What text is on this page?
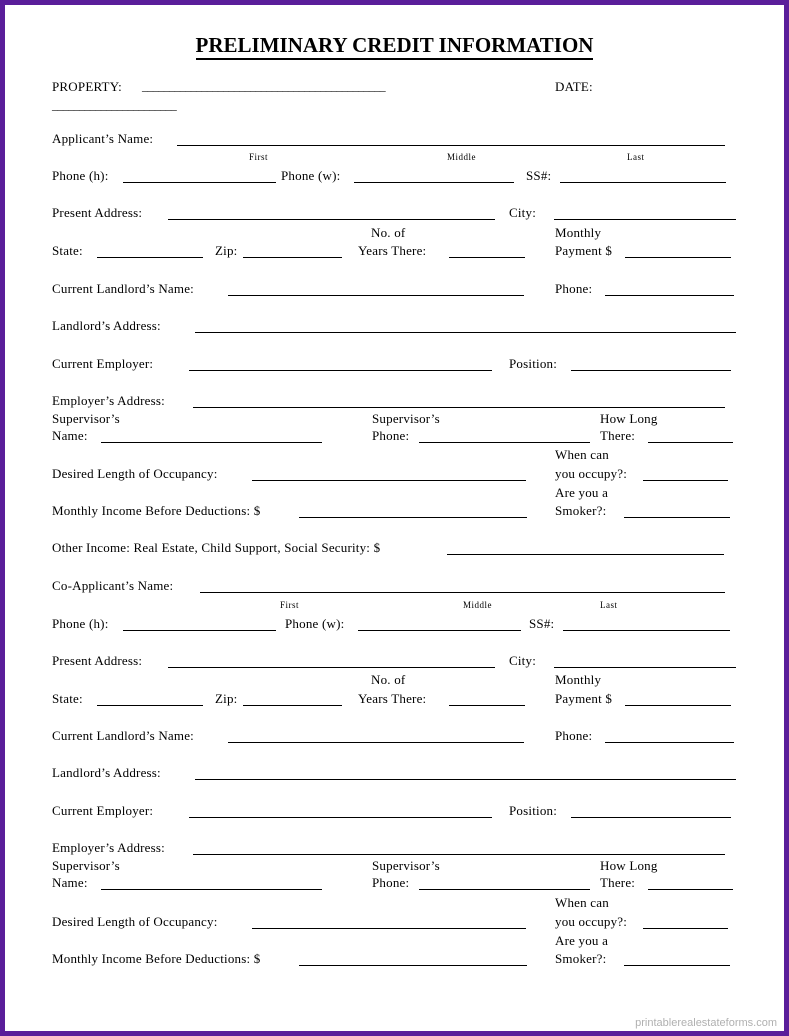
PRELIMINARY CREDIT INFORMATION
PROPERTY: _____________________________________________	DATE:
_______________________
Applicant’s Name:
First	Middle	Last
Phone (h):	Phone (w):	SS#:
Present Address:	City:
No. of	Monthly
State:	Zip:	Years There:	Payment $
Current Landlord’s Name:	Phone:
Landlord’s Address:
Current Employer:	Position:
Employer’s Address:
Supervisor’s	Supervisor’s	How Long
Name:	Phone:	There:
When can
Desired Length of Occupancy:	you occupy?:
Are you a
Monthly Income Before Deductions: $	Smoker?:
Other Income: Real Estate, Child Support, Social Security: $
Co-Applicant’s Name:
First	Middle	Last
Phone (h):	Phone (w):	SS#:
Present Address:	City:
No. of	Monthly
State:	Zip:	Years There:	Payment $
Current Landlord’s Name:	Phone:
Landlord’s Address:
Current Employer:	Position:
Employer’s Address:
Supervisor’s	Supervisor’s	How Long
Name:	Phone:	There:
When can
Desired Length of Occupancy:	you occupy?:
Are you a
Monthly Income Before Deductions: $	Smoker?:
printablerealestateforms.com
